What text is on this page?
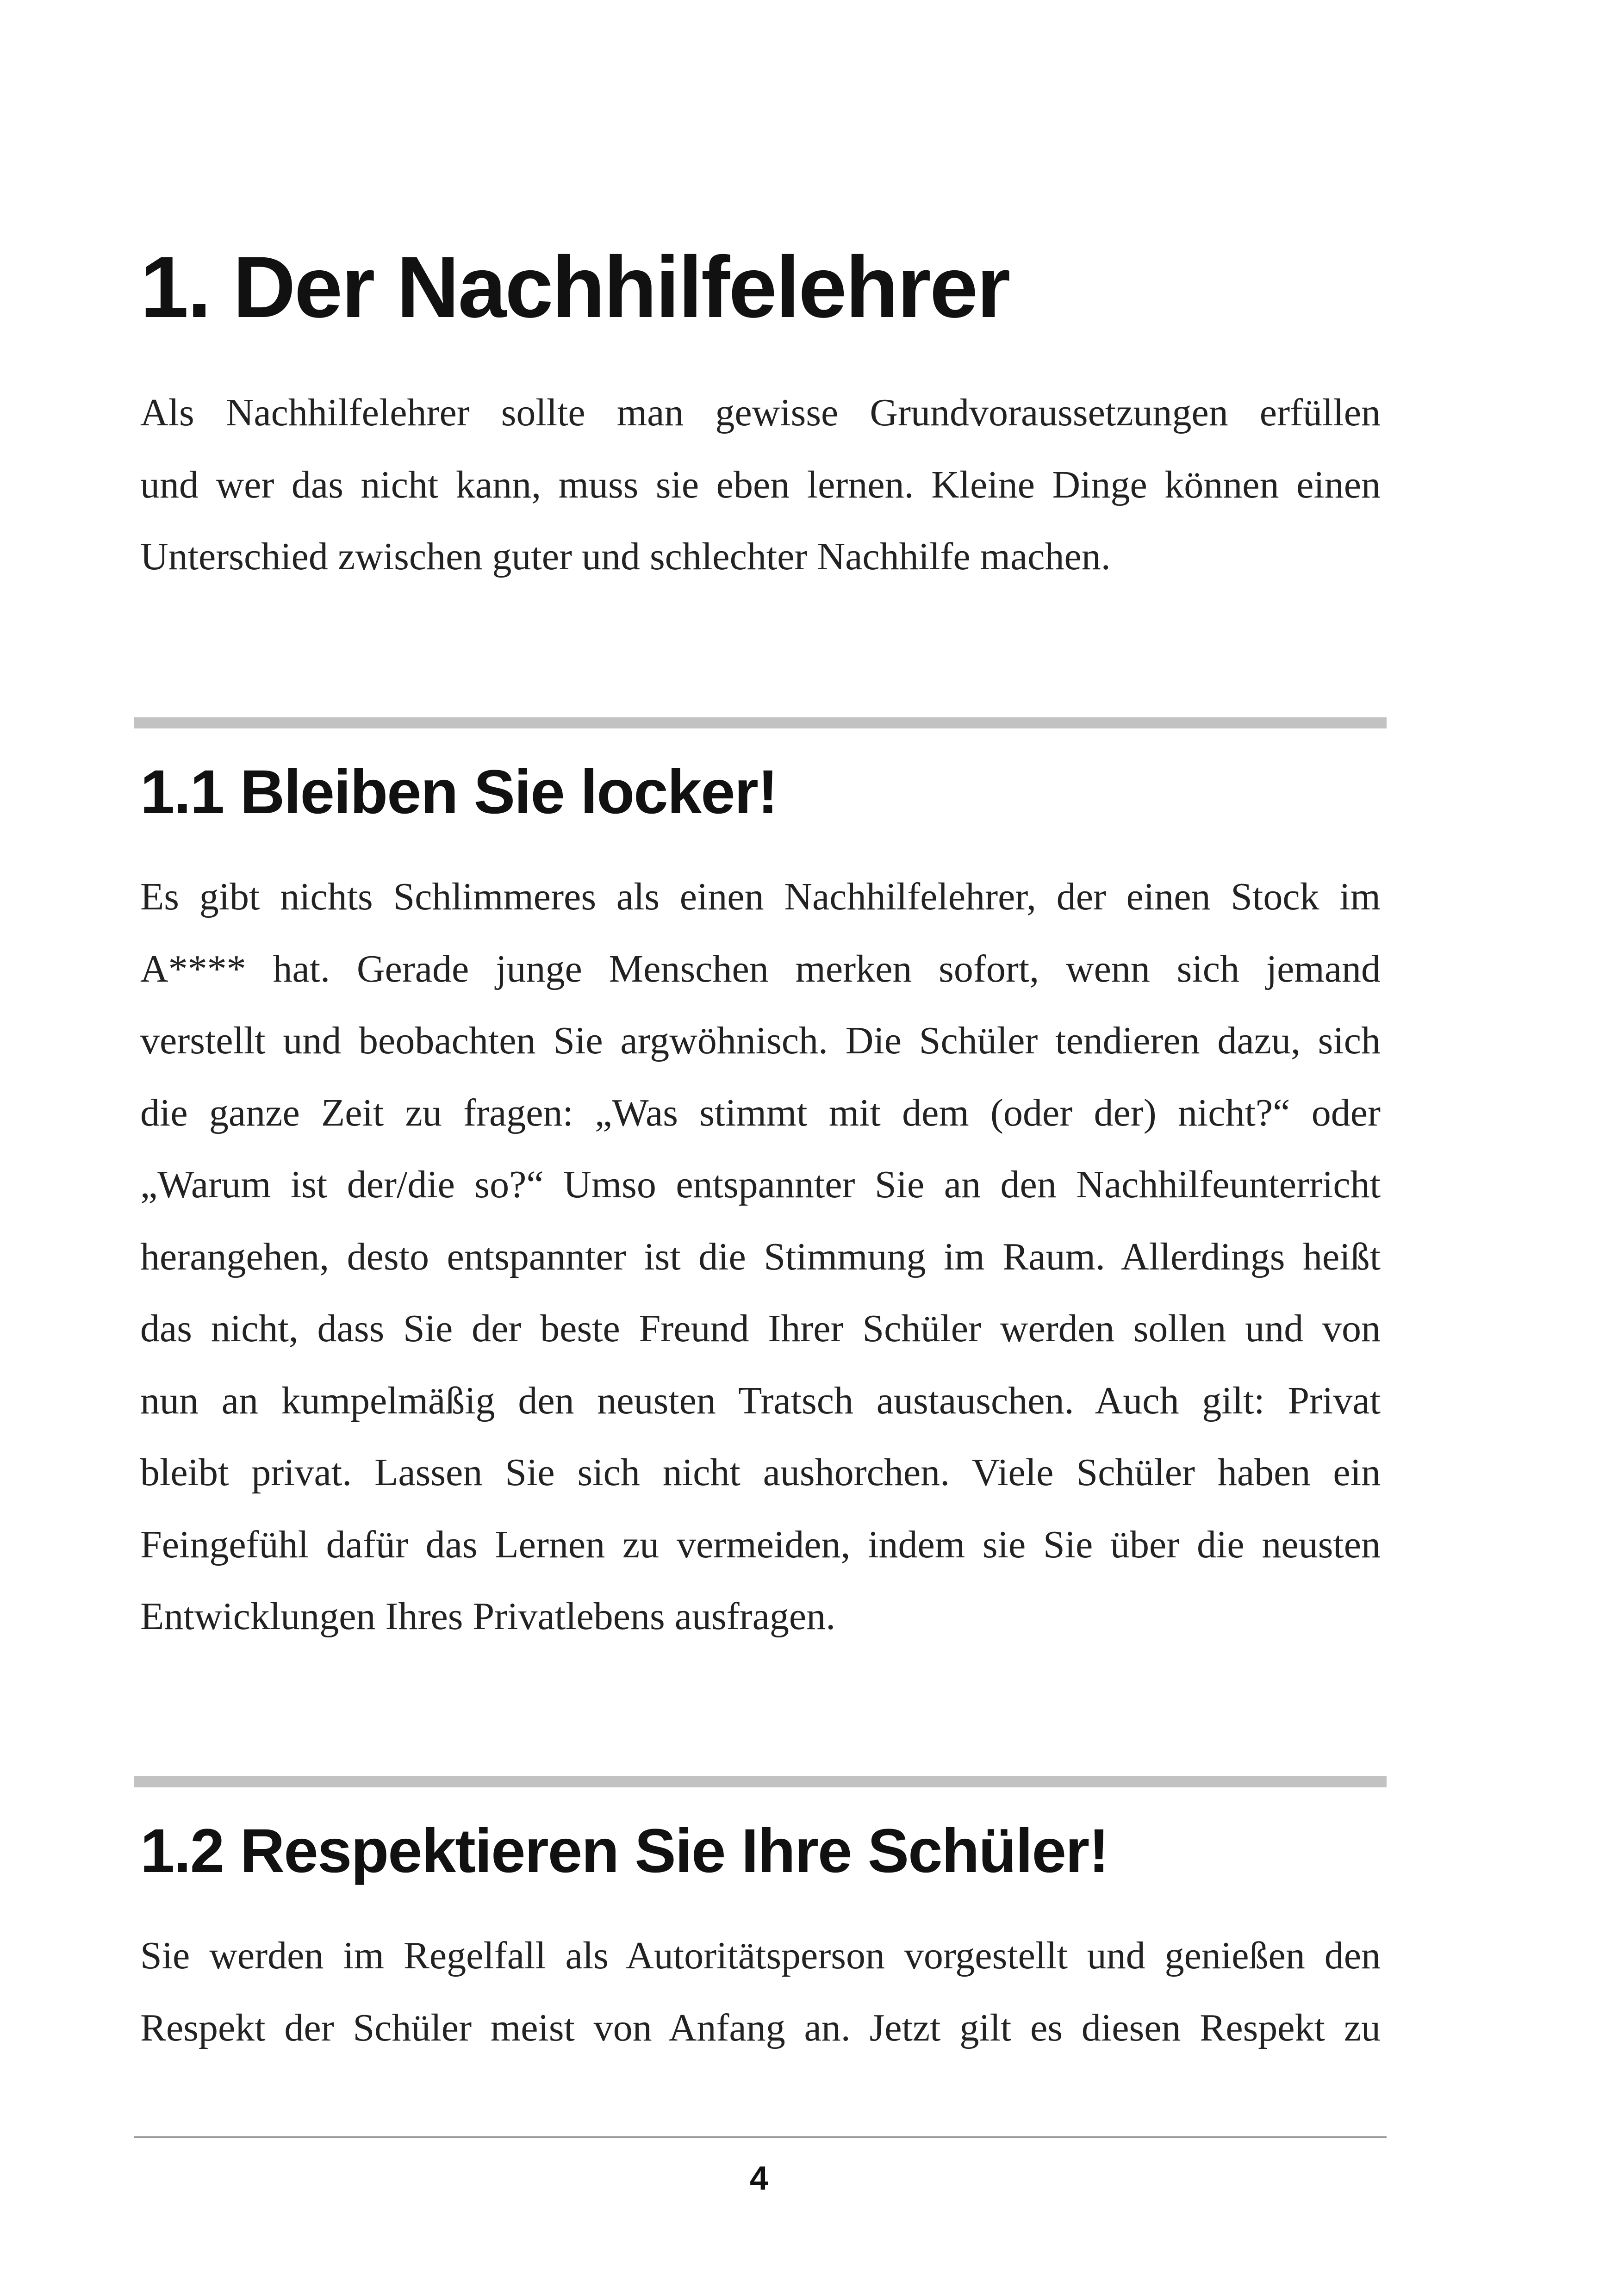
1. Der Nachhilfelehrer
Als Nachhilfelehrer sollte man gewisse Grundvoraussetzungen erfüllen
und wer das nicht kann, muss sie eben lernen. Kleine Dinge können einen
Unterschied zwischen guter und schlechter Nachhilfe machen.
1.1 Bleiben Sie locker!
Es gibt nichts Schlimmeres als einen Nachhilfelehrer, der einen Stock im
A**** hat. Gerade junge Menschen merken sofort, wenn sich jemand
verstellt und beobachten Sie argwöhnisch. Die Schüler tendieren dazu, sich
die ganze Zeit zu fragen: „Was stimmt mit dem (oder der) nicht?“ oder
„Warum ist der/die so?“ Umso entspannter Sie an den Nachhilfeunterricht
herangehen, desto entspannter ist die Stimmung im Raum. Allerdings heißt
das nicht, dass Sie der beste Freund Ihrer Schüler werden sollen und von
nun an kumpelmäßig den neusten Tratsch austauschen. Auch gilt: Privat
bleibt privat. Lassen Sie sich nicht aushorchen. Viele Schüler haben ein
Feingefühl dafür das Lernen zu vermeiden, indem sie Sie über die neusten
Entwicklungen Ihres Privatlebens ausfragen.
1.2 Respektieren Sie Ihre Schüler!
Sie werden im Regelfall als Autoritätsperson vorgestellt und genießen den
Respekt der Schüler meist von Anfang an. Jetzt gilt es diesen Respekt zu
4
